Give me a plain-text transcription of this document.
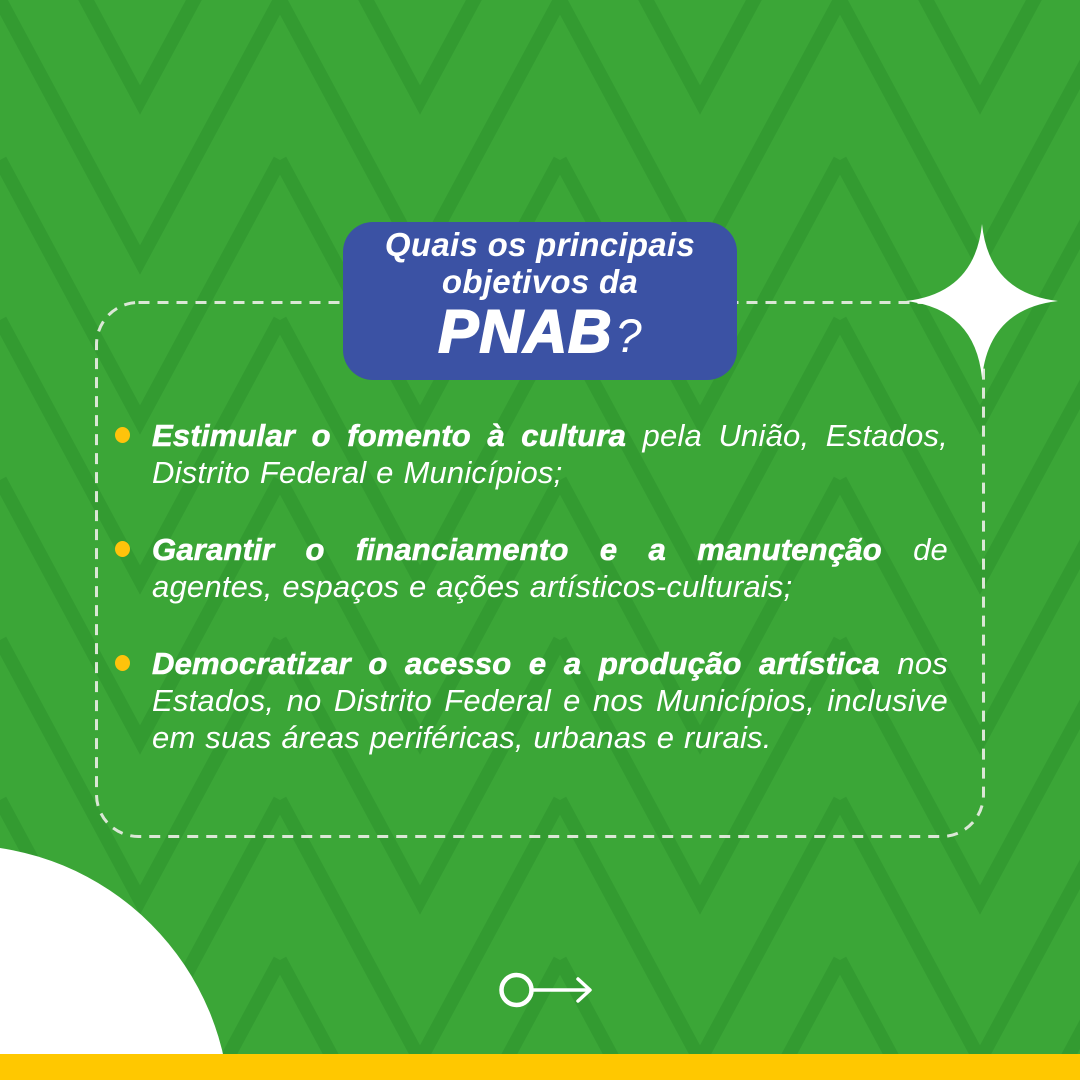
Quais os principais
objetivos da
PNAB?

Estimular o fomento à cultura pela União, Estados, Distrito Federal e Municípios;

Garantir o financiamento e a manutenção de agentes, espaços e ações artísticos-culturais;

Democratizar o acesso e a produção artística nos Estados, no Distrito Federal e nos Municípios, inclusive em suas áreas periféricas, urbanas e rurais.
